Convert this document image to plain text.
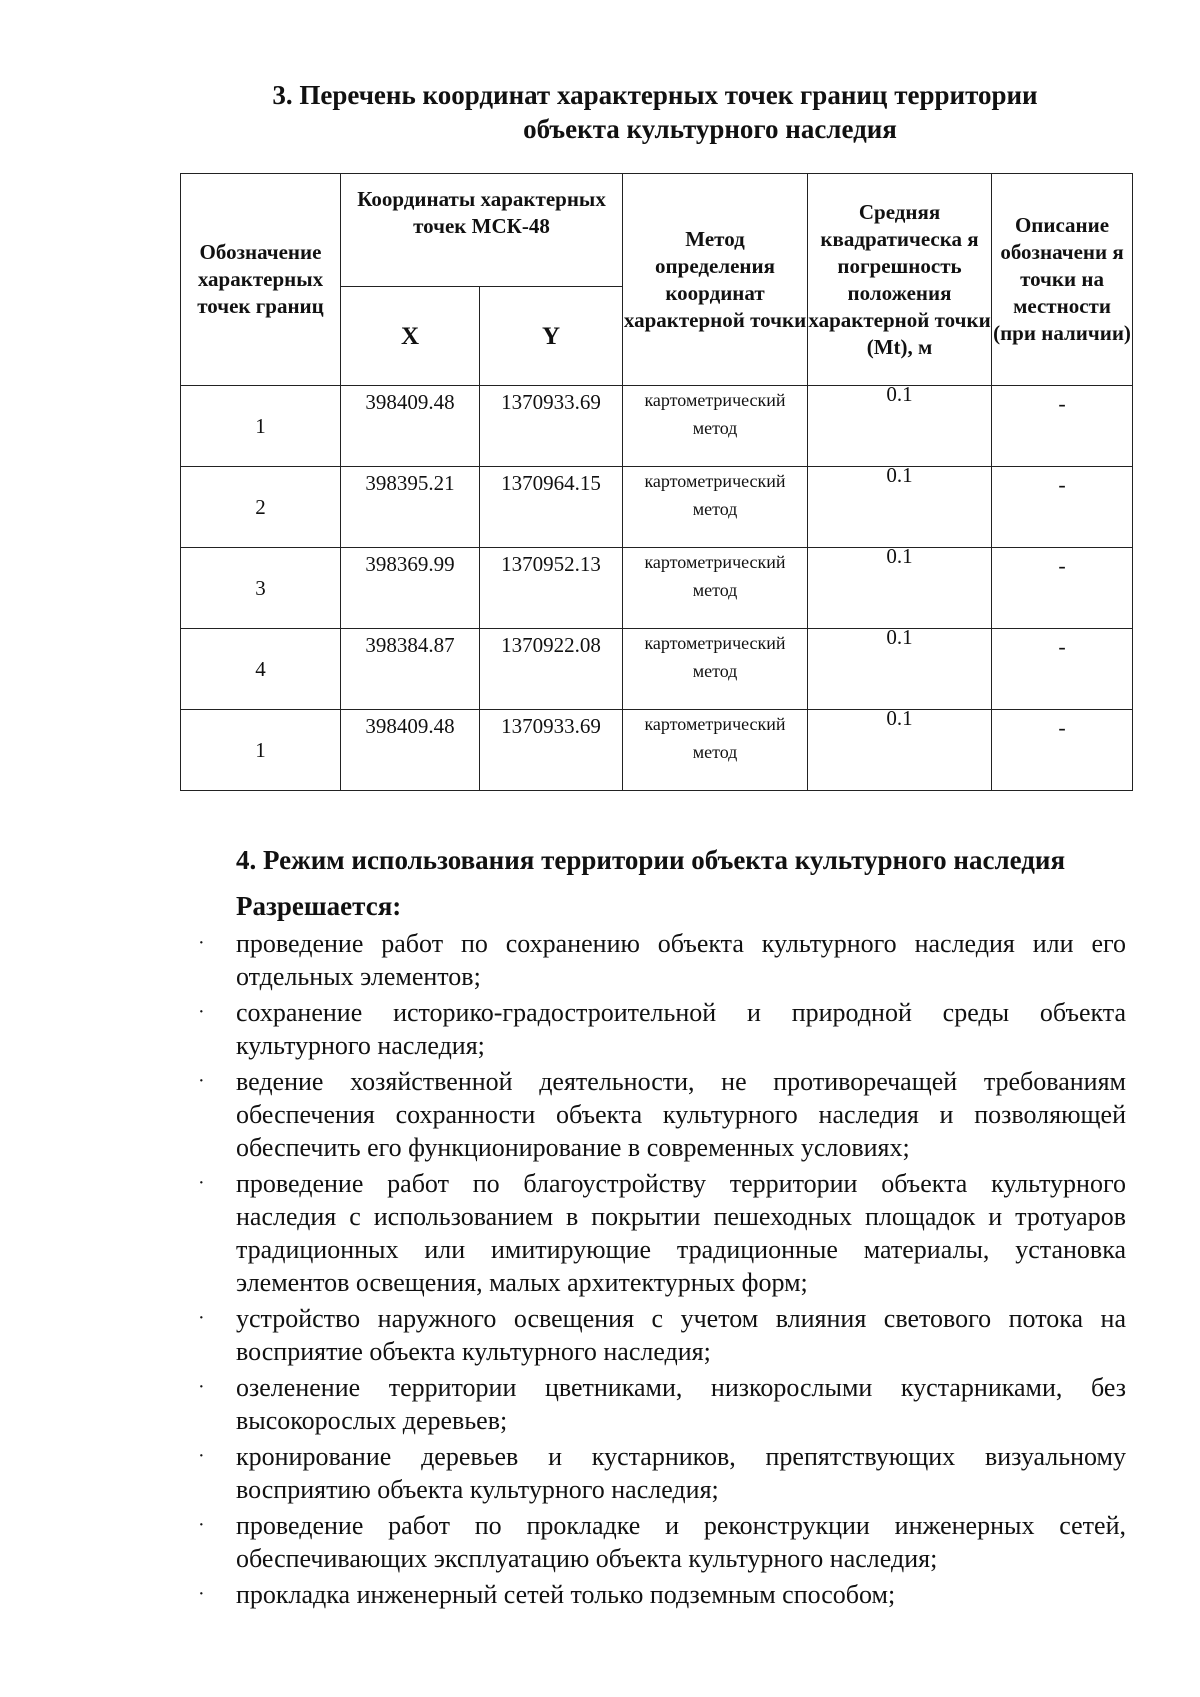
3. Перечень координат характерных точек границ территории
объекта культурного наследия
Обозначение характерных точек границ	Координаты характерных точек МСК-48		Метод определения координат характерной точки	Средняя квадратическа я погрешность положения характерной точки (Mt), м	Описание обозначени я точки на местности (при наличии)
	X	Y			
1	398409.48	1370933.69	картометрический метод	0.1	-
2	398395.21	1370964.15	картометрический метод	0.1	-
3	398369.99	1370952.13	картометрический метод	0.1	-
4	398384.87	1370922.08	картометрический метод	0.1	-
1	398409.48	1370933.69	картометрический метод	0.1	-
4. Режим использования территории объекта культурного наследия
Разрешается:
· проведение работ по сохранению объекта культурного наследия или его отдельных элементов;
· сохранение историко-градостроительной и природной среды объекта культурного наследия;
· ведение хозяйственной деятельности, не противоречащей требованиям обеспечения сохранности объекта культурного наследия и позволяющей обеспечить его функционирование в современных условиях;
· проведение работ по благоустройству территории объекта культурного наследия с использованием в покрытии пешеходных площадок и тротуаров традиционных или имитирующие традиционные материалы, установка элементов освещения, малых архитектурных форм;
· устройство наружного освещения с учетом влияния светового потока на восприятие объекта культурного наследия;
· озеленение территории цветниками, низкорослыми кустарниками, без высокорослых деревьев;
· кронирование деревьев и кустарников, препятствующих визуальному восприятию объекта культурного наследия;
· проведение работ по прокладке и реконструкции инженерных сетей, обеспечивающих эксплуатацию объекта культурного наследия;
· прокладка инженерный сетей только подземным способом;
